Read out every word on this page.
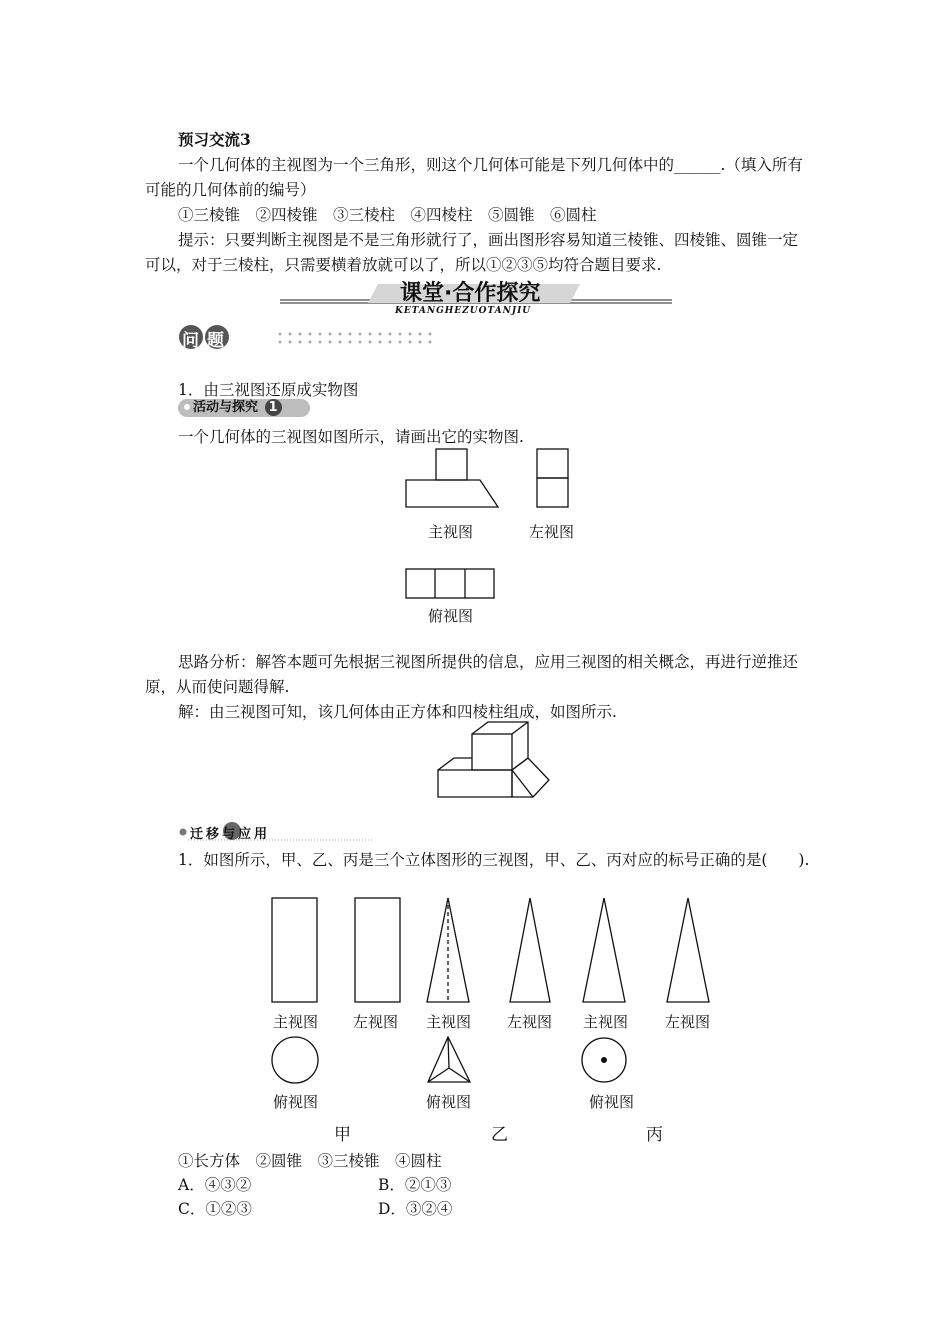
预习交流3
一个几何体的主视图为一个三角形，则这个几何体可能是下列几何体中的______.（填入所有可能的几何体前的编号）
①三棱锥　②四棱锥　③三棱柱　④四棱柱　⑤圆锥　⑥圆柱
提示：只要判断主视图是不是三角形就行了，画出图形容易知道三棱锥、四棱锥、圆锥一定可以，对于三棱柱，只需要横着放就可以了，所以①②③⑤均符合题目要求.
课堂·合作探究
KETANGHEZUOTANJIU
问题导学
1．由三视图还原成实物图
活动与探究 1
一个几何体的三视图如图所示，请画出它的实物图.
主视图	左视图
俯视图
思路分析：解答本题可先根据三视图所提供的信息，应用三视图的相关概念，再进行逆推还原，从而使问题得解.
解：由三视图可知，该几何体由正方体和四棱柱组成，如图所示.
迁移与应用
1．如图所示，甲、乙、丙是三个立体图形的三视图，甲、乙、丙对应的标号正确的是(　　).
主视图 左视图 主视图 左视图 主视图 左视图
俯视图	俯视图	俯视图
甲	乙	丙
①长方体　②圆锥　③三棱锥　④圆柱
A．④③②	B．②①③
C．①②③	D．③②④
